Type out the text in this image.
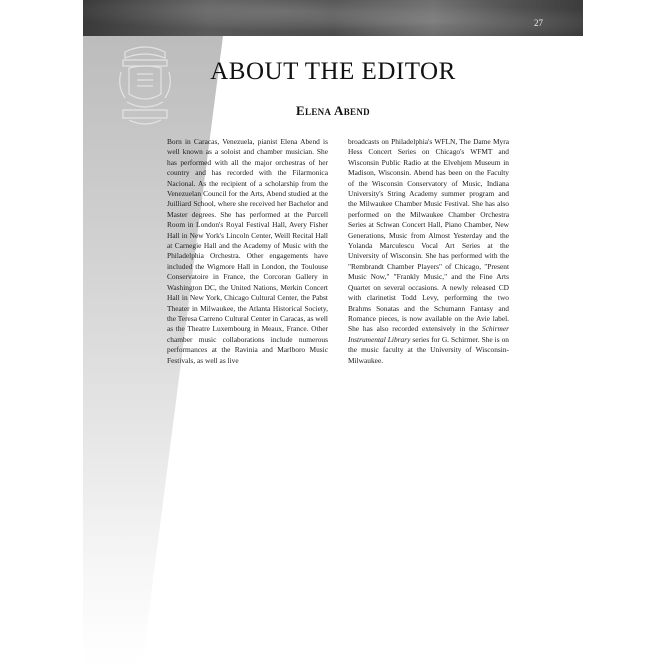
27
ABOUT THE EDITOR
Elena Abend

Born in Caracas, Venezuela, pianist Elena Abend is well known as a soloist and chamber musician. She has performed with all the major orchestras of her country and has recorded with the Filarmonica Nacional. As the recipient of a scholarship from the Venezuelan Council for the Arts, Abend studied at the Juilliard School, where she received her Bachelor and Master degrees. She has performed at the Purcell Room in London's Royal Festival Hall, Avery Fisher Hall in New York's Lincoln Center, Weill Recital Hall at Carnegie Hall and the Academy of Music with the Philadelphia Orchestra. Other engagements have included the Wigmore Hall in London, the Toulouse Conservatoire in France, the Corcoran Gallery in Washington DC, the United Nations, Merkin Concert Hall in New York, Chicago Cultural Center, the Pabst Theater in Milwaukee, the Atlanta Historical Society, the Teresa Carreno Cultural Center in Caracas, as well as the Theatre Luxembourg in Meaux, France. Other chamber music collaborations include numerous performances at the Ravinia and Marlboro Music Festivals, as well as live

broadcasts on Philadelphia's WFLN, The Dame Myra Hess Concert Series on Chicago's WFMT and Wisconsin Public Radio at the Elvehjem Museum in Madison, Wisconsin. Abend has been on the Faculty of the Wisconsin Conservatory of Music, Indiana University's String Academy summer program and the Milwaukee Chamber Music Festival. She has also performed on the Milwaukee Chamber Orchestra Series at Schwan Concert Hall, Piano Chamber, New Generations, Music from Almost Yesterday and the Yolanda Marculescu Vocal Art Series at the University of Wisconsin. She has performed with the "Rembrandt Chamber Players" of Chicago, "Present Music Now," "Frankly Music," and the Fine Arts Quartet on several occasions. A newly released CD with clarinetist Todd Levy, performing the two Brahms Sonatas and the Schumann Fantasy and Romance pieces, is now available on the Avie label. She has also recorded extensively in the Schirmer Instrumental Library series for G. Schirmer. She is on the music faculty at the University of Wisconsin-Milwaukee.
